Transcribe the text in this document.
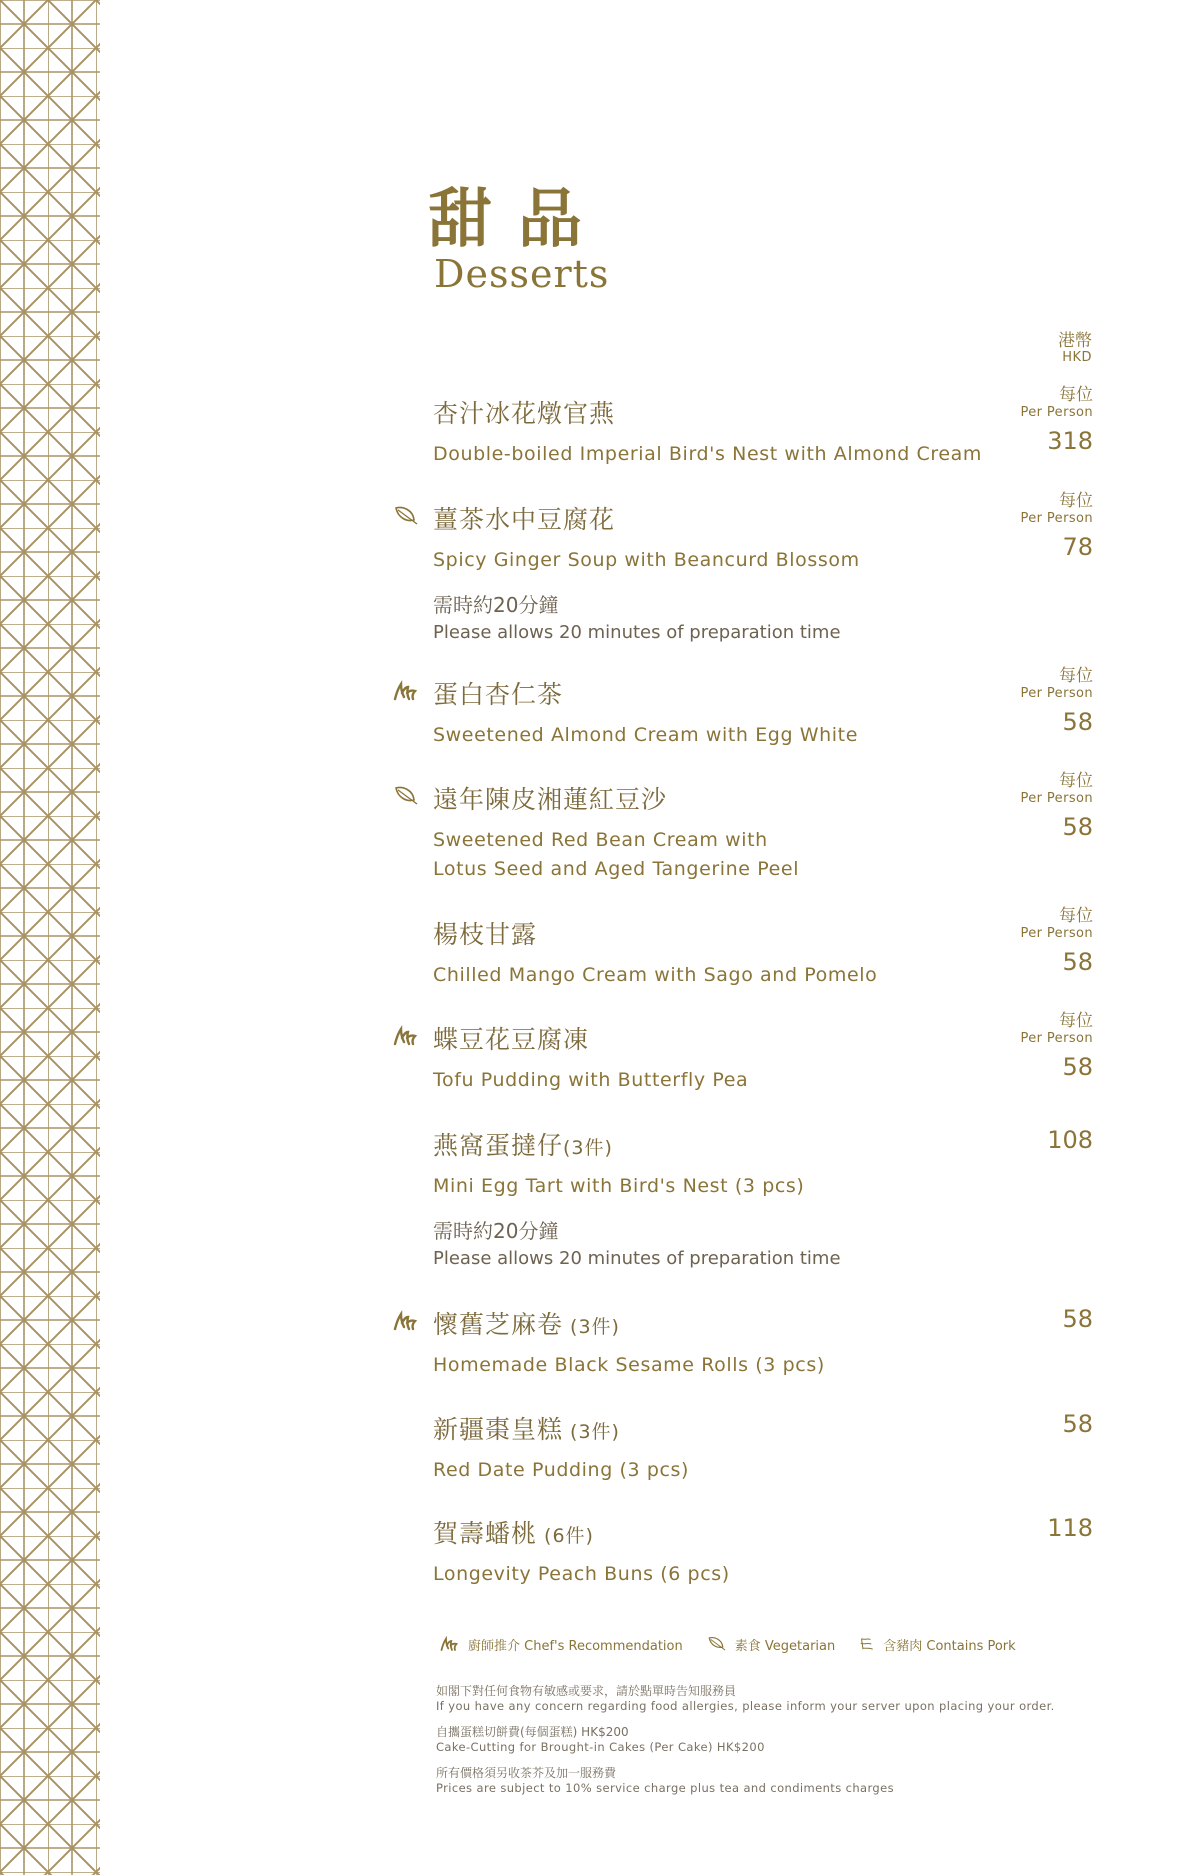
甜品
Desserts
港幣
HKD
杏汁冰花燉官燕
Double-boiled Imperial Bird's Nest with Almond Cream
每位
Per Person
318
薑茶水中豆腐花
Spicy Ginger Soup with Beancurd Blossom
需時約20分鐘
Please allows 20 minutes of preparation time
每位
Per Person
78
蛋白杏仁茶
Sweetened Almond Cream with Egg White
每位
Per Person
58
遠年陳皮湘蓮紅豆沙
Sweetened Red Bean Cream with
Lotus Seed and Aged Tangerine Peel
每位
Per Person
58
楊枝甘露
Chilled Mango Cream with Sago and Pomelo
每位
Per Person
58
蝶豆花豆腐凍
Tofu Pudding with Butterfly Pea
每位
Per Person
58
燕窩蛋撻仔(3件)
Mini Egg Tart with Bird's Nest (3 pcs)
需時約20分鐘
Please allows 20 minutes of preparation time
108
懷舊芝麻卷 (3件)
Homemade Black Sesame Rolls (3 pcs)
58
新疆棗皇糕 (3件)
Red Date Pudding (3 pcs)
58
賀壽蟠桃 (6件)
Longevity Peach Buns (6 pcs)
118
廚師推介 Chef's Recommendation	素食 Vegetarian	含豬肉 Contains Pork
如閣下對任何食物有敏感或要求，請於點單時告知服務員
If you have any concern regarding food allergies, please inform your server upon placing your order.
自攜蛋糕切餅費(每個蛋糕) HK$200
Cake-Cutting for Brought-in Cakes (Per Cake) HK$200
所有價格須另收茶芥及加一服務費
Prices are subject to 10% service charge plus tea and condiments charges
